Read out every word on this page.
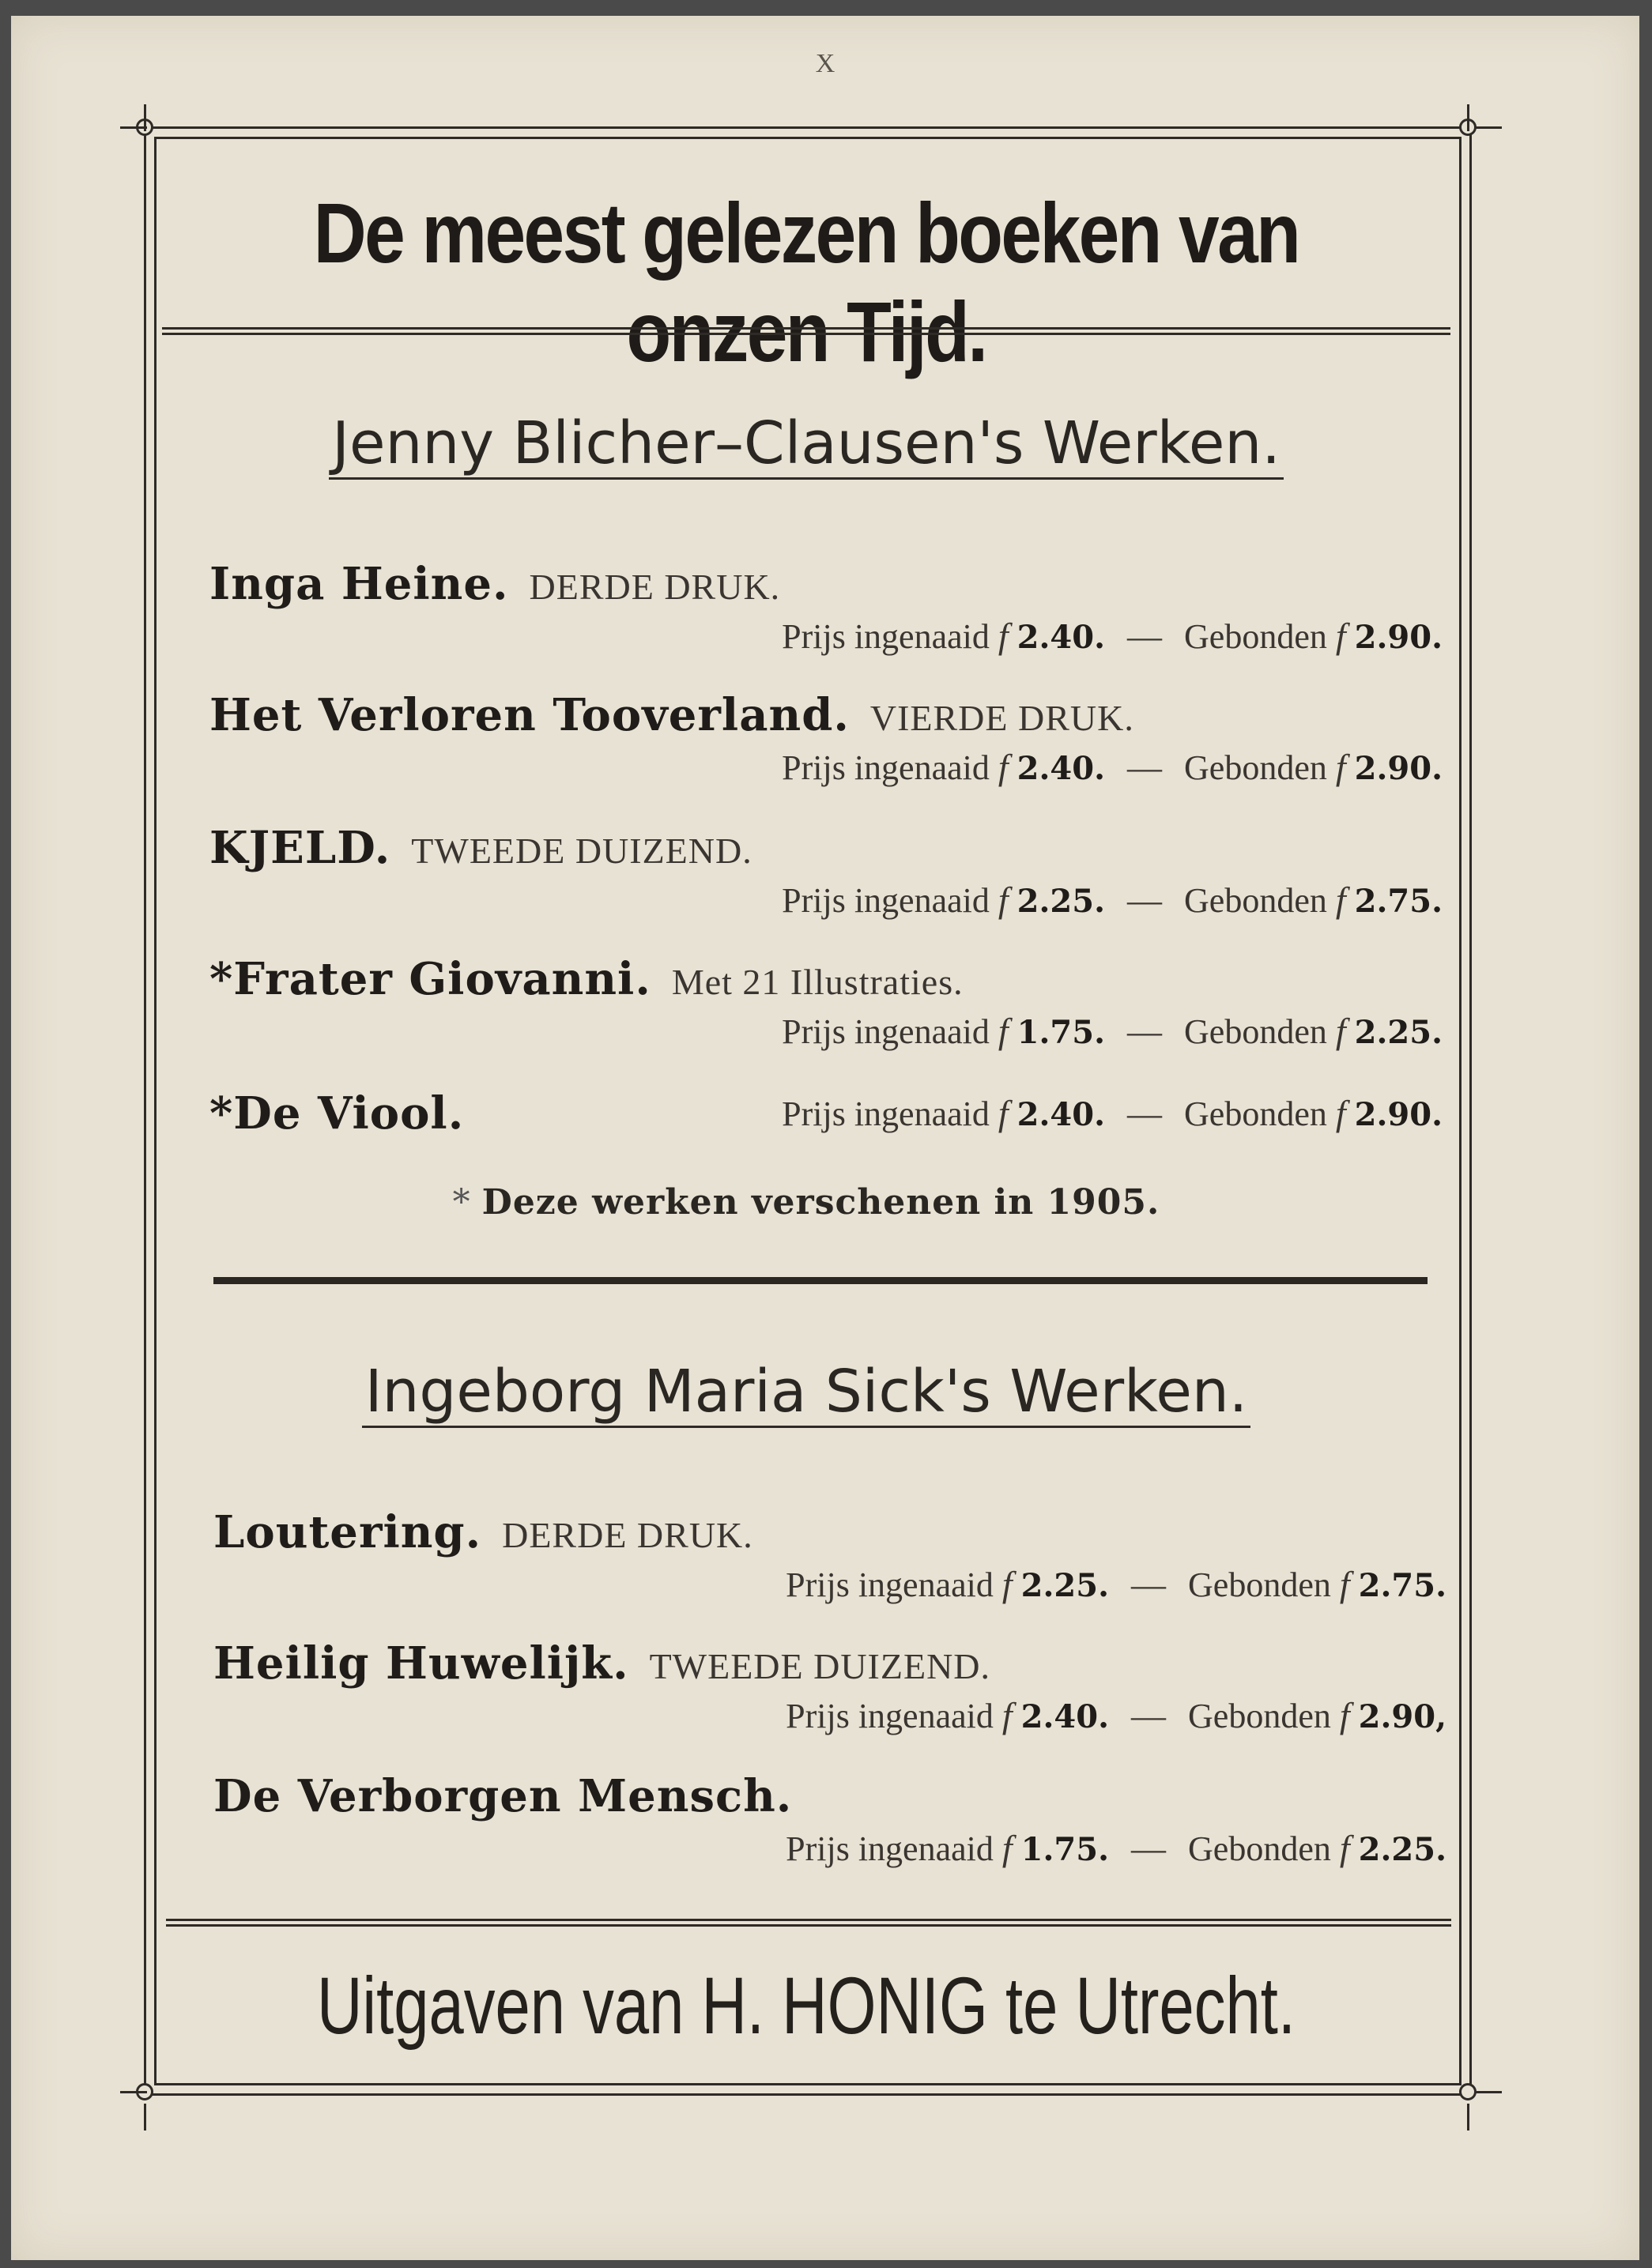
X
De meest gelezen boeken van onzen Tijd.
Jenny Blicher–Clausen's Werken.
Inga Heine. DERDE DRUK.
Prijs ingenaaid f 2.40. — Gebonden f 2.90.
Het Verloren Tooverland. VIERDE DRUK.
Prijs ingenaaid f 2.40. — Gebonden f 2.90.
KJELD. TWEEDE DUIZEND.
Prijs ingenaaid f 2.25. — Gebonden f 2.75.
*Frater Giovanni. Met 21 Illustraties.
Prijs ingenaaid f 1.75. — Gebonden f 2.25.
*De Viool.	Prijs ingenaaid f 2.40. — Gebonden f 2.90.
* Deze werken verschenen in 1905.
Ingeborg Maria Sick's Werken.
Loutering. DERDE DRUK.
Prijs ingenaaid f 2.25. — Gebonden f 2.75.
Heilig Huwelijk. TWEEDE DUIZEND.
Prijs ingenaaid f 2.40. — Gebonden f 2.90,
De Verborgen Mensch.
Prijs ingenaaid f 1.75. — Gebonden f 2.25.
Uitgaven van H. HONIG te Utrecht.
